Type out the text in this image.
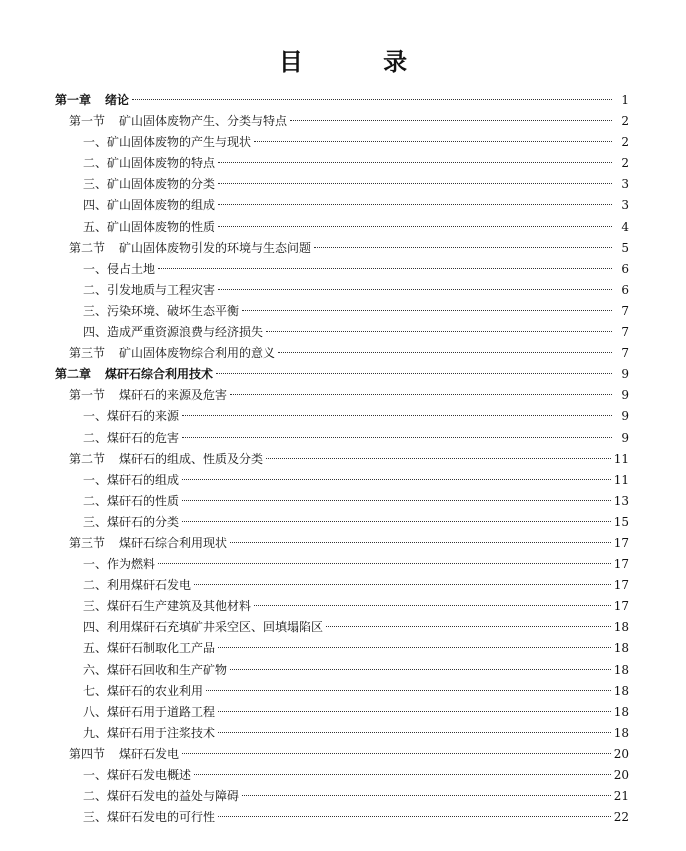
目 录
第一章 绪论	1
第一节 矿山固体废物产生、分类与特点	2
一、 矿山固体废物的产生与现状	2
二、 矿山固体废物的特点	2
三、 矿山固体废物的分类	3
四、 矿山固体废物的组成	3
五、 矿山固体废物的性质	4
第二节 矿山固体废物引发的环境与生态问题	5
一、 侵占土地	6
二、 引发地质与工程灾害	6
三、 污染环境、破坏生态平衡	7
四、 造成严重资源浪费与经济损失	7
第三节 矿山固体废物综合利用的意义	7
第二章 煤矸石综合利用技术	9
第一节 煤矸石的来源及危害	9
一、 煤矸石的来源	9
二、 煤矸石的危害	9
第二节 煤矸石的组成、性质及分类	11
一、 煤矸石的组成	11
二、 煤矸石的性质	13
三、 煤矸石的分类	15
第三节 煤矸石综合利用现状	17
一、 作为燃料	17
二、 利用煤矸石发电	17
三、 煤矸石生产建筑及其他材料	17
四、 利用煤矸石充填矿井采空区、回填塌陷区	18
五、 煤矸石制取化工产品	18
六、 煤矸石回收和生产矿物	18
七、 煤矸石的农业利用	18
八、 煤矸石用于道路工程	18
九、 煤矸石用于注浆技术	18
第四节 煤矸石发电	20
一、 煤矸石发电概述	20
二、 煤矸石发电的益处与障碍	21
三、 煤矸石发电的可行性	22
